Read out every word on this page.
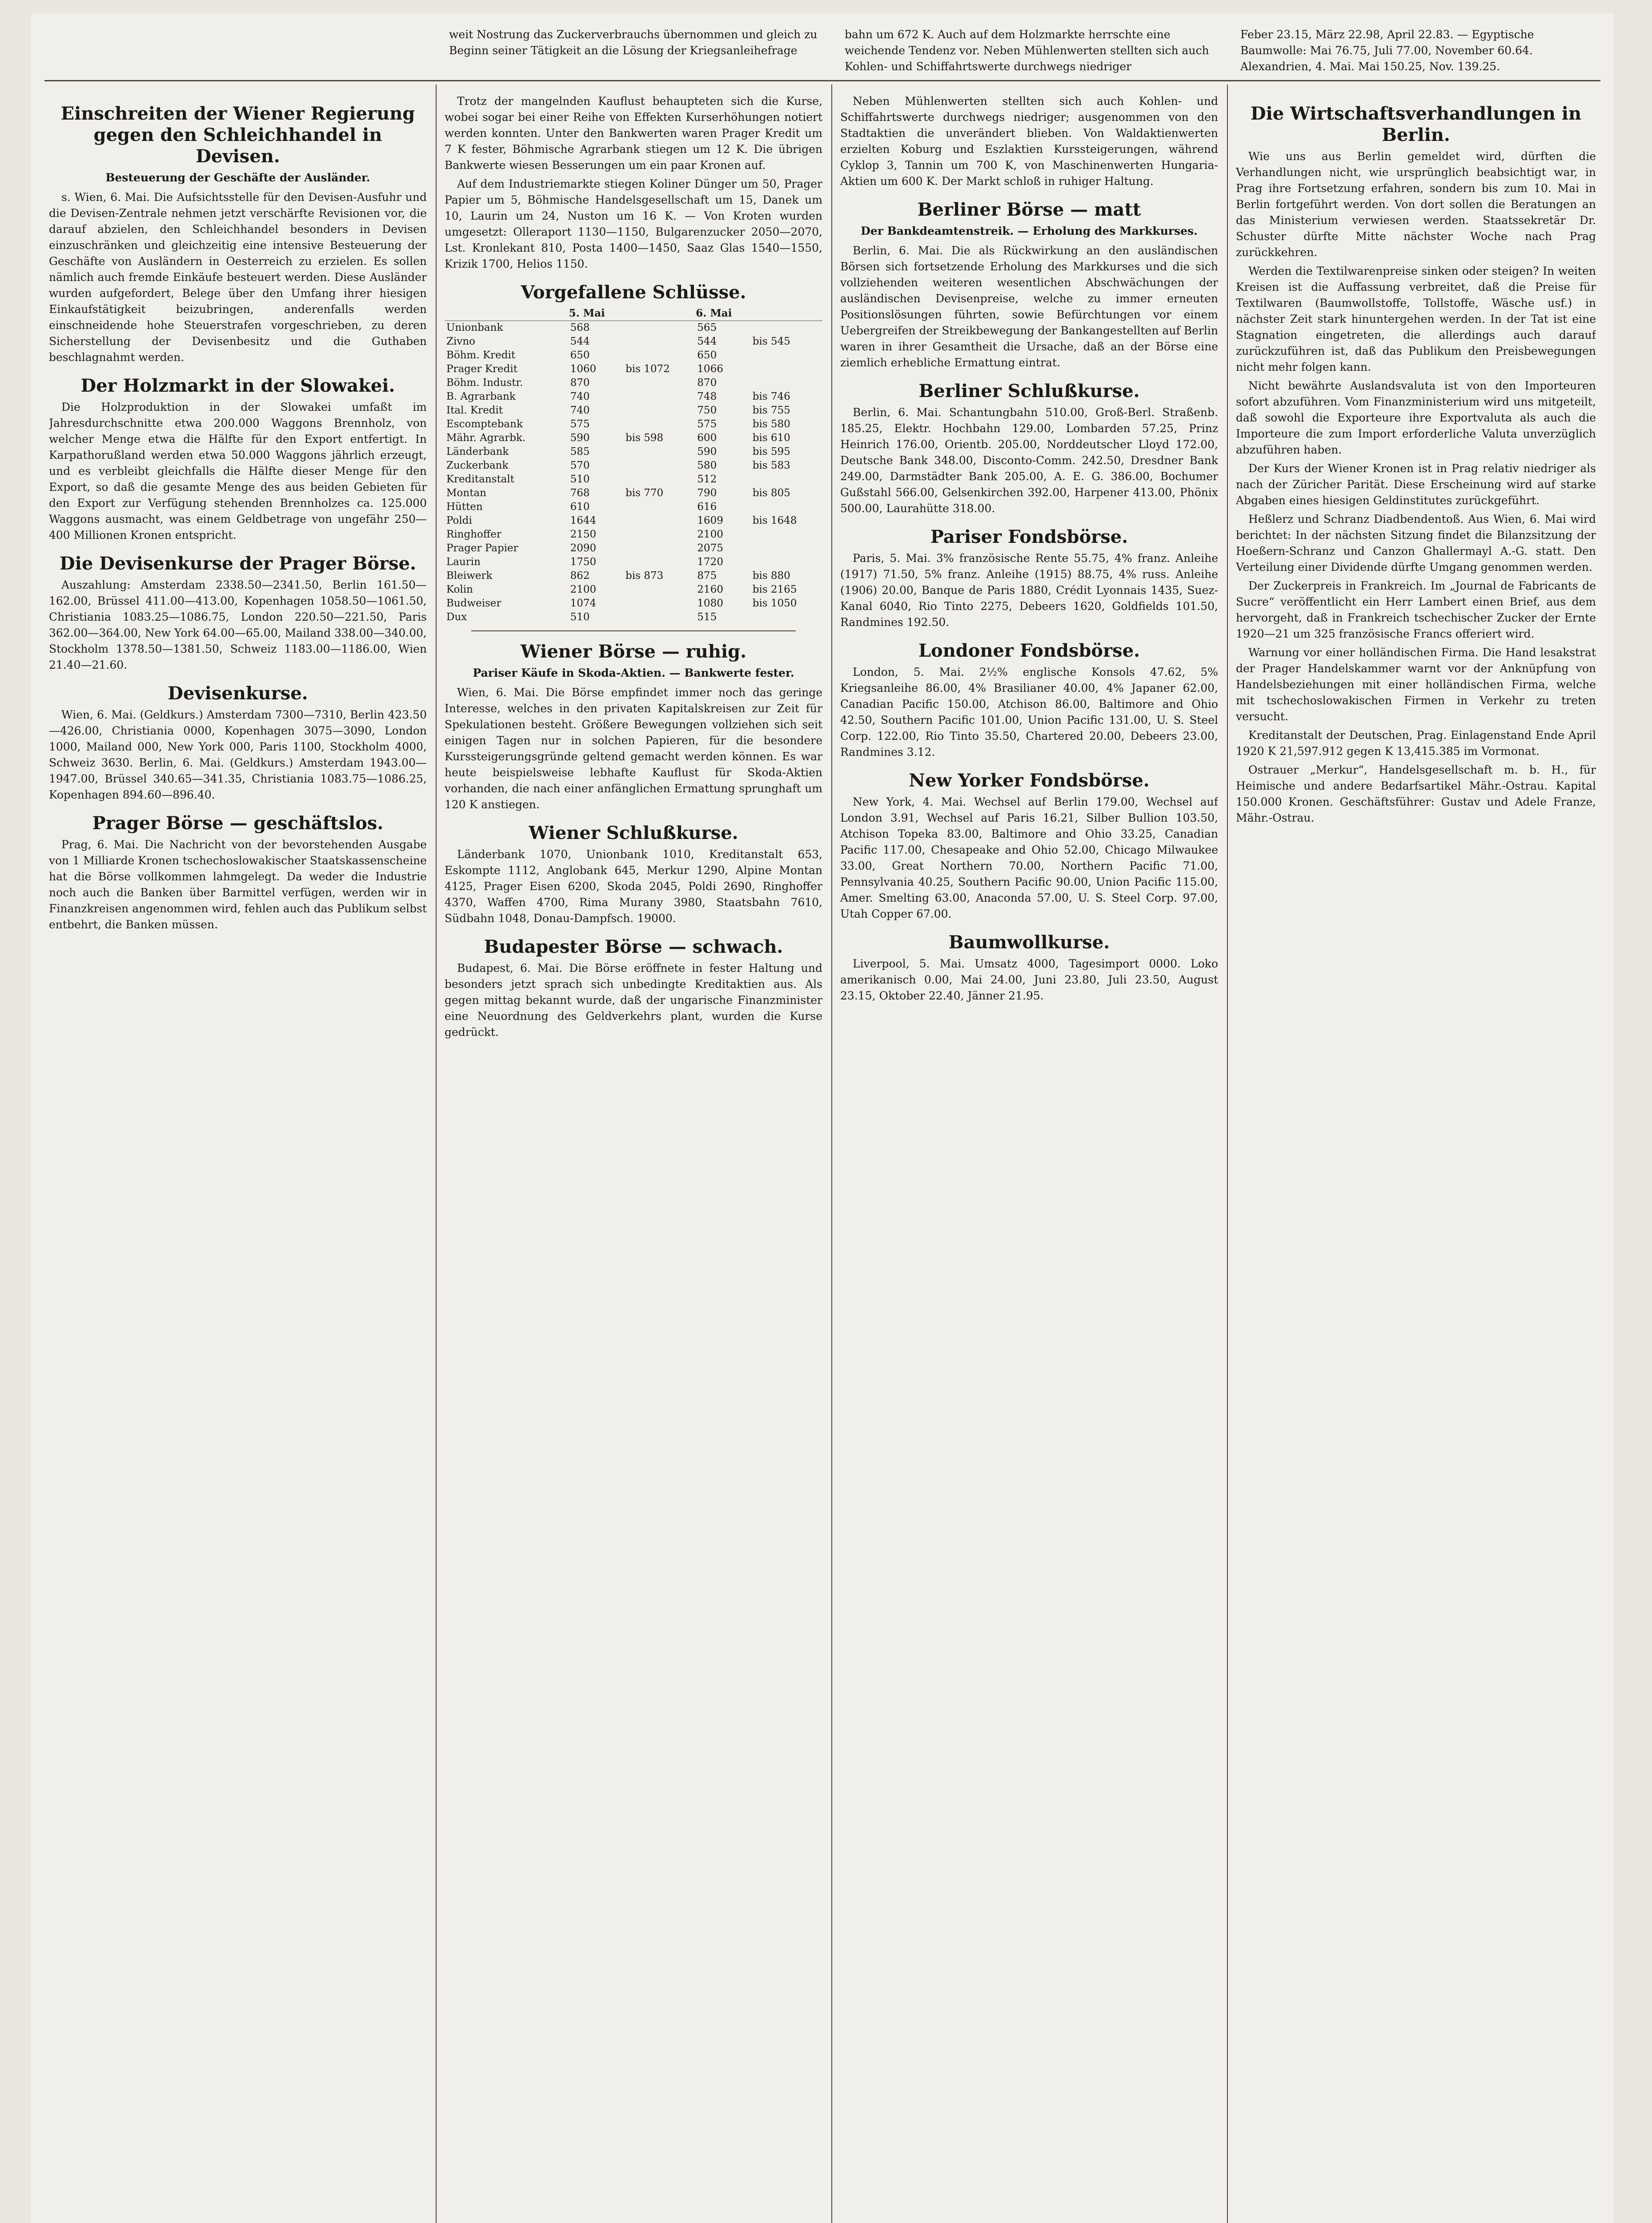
weit Nostrung das Zuckerverbrauchs übernommen und gleich zu Beginn seiner Tätigkeit an die Lösung der Kriegsanleihefrage
bahn um 672 K. Auch auf dem Holzmarkte herrschte eine weichende Tendenz vor. Neben Mühlenwerten stellten sich auch Kohlen- und Schiffahrtswerte durchwegs niedriger
Feber 23.15, März 22.98, April 22.83. — Egyptische Baumwolle: Mai 76.75, Juli 77.00, November 60.64. Alexandrien, 4. Mai. Mai 150.25, Nov. 139.25.
Einschreiten der Wiener Regierung gegen den Schleichhandel in Devisen.
Besteuerung der Geschäfte der Ausländer.

s. Wien, 6. Mai. Die Aufsichtsstelle für den Devisen-Ausfuhr und die Devisen-Zentrale nehmen jetzt verschärfte Revisionen vor, die darauf abzielen, den Schleichhandel besonders in Devisen einzuschränken und gleichzeitig eine intensive Besteuerung der Geschäfte von Ausländern in Oesterreich zu erzielen. Es sollen nämlich auch fremde Einkäufe besteuert werden. Diese Ausländer wurden aufgefordert, Belege über den Umfang ihrer hiesigen Einkaufstätigkeit beizubringen, anderenfalls werden einschneidende hohe Steuerstrafen vorgeschrieben, zu deren Sicherstellung der Devisenbesitz und die Guthaben beschlagnahmt werden.

Der Holzmarkt in der Slowakei.

Die Holzproduktion in der Slowakei umfaßt im Jahresdurchschnitte etwa 200.000 Waggons Brennholz, von welcher Menge etwa die Hälfte für den Export entfertigt. In Karpathorußland werden etwa 50.000 Waggons jährlich erzeugt, und es verbleibt gleichfalls die Hälfte dieser Menge für den Export, so daß die gesamte Menge des aus beiden Gebieten für den Export zur Verfügung stehenden Brennholzes ca. 125.000 Waggons ausmacht, was einem Geldbetrage von ungefähr 250—400 Millionen Kronen entspricht.

Die Devisenkurse der Prager Börse.

Auszahlung: Amsterdam 2338.50—2341.50, Berlin 161.50—162.00, Brüssel 411.00—413.00, Kopenhagen 1058.50—1061.50, Christiania 1083.25—1086.75, London 220.50—221.50, Paris 362.00—364.00, New York 64.00—65.00, Mailand 338.00—340.00, Stockholm 1378.50—1381.50, Schweiz 1183.00—1186.00, Wien 21.40—21.60.

Devisenkurse.

Wien, 6. Mai. (Geldkurs.) Amsterdam 7300—7310, Berlin 423.50—426.00, Christiania 0000, Kopenhagen 3075—3090, London 1000, Mailand 000, New York 000, Paris 1100, Stockholm 4000, Schweiz 3630. Berlin, 6. Mai. (Geldkurs.) Amsterdam 1943.00—1947.00, Brüssel 340.65—341.35, Christiania 1083.75—1086.25, Kopenhagen 894.60—896.40.

Prager Börse — geschäftslos.

Prag, 6. Mai. Die Nachricht von der bevorstehenden Ausgabe von 1 Milliarde Kronen tschechoslowakischer Staatskassenscheine hat die Börse vollkommen lahmgelegt. Da weder die Industrie noch auch die Banken über Barmittel verfügen, werden wir in Finanzkreisen angenommen wird, fehlen auch das Publikum selbst entbehrt, die Banken müssen.

Trotz der mangelnden Kauflust behaupteten sich die Kurse, wobei sogar bei einer Reihe von Effekten Kurserhöhungen notiert werden konnten. Unter den Bankwerten waren Prager Kredit um 7 K fester, Böhmische Agrarbank stiegen um 12 K. Die übrigen Bankwerte wiesen Besserungen um ein paar Kronen auf.

Auf dem Industriemarkte stiegen Koliner Dünger um 50, Prager Papier um 5, Böhmische Handelsgesellschaft um 15, Danek um 10, Laurin um 24, Nuston um 16 K. — Von Kroten wurden umgesetzt: Olleraport 1130—1150, Bulgarenzucker 2050—2070, Lst. Kronlekant 810, Posta 1400—1450, Saaz Glas 1540—1550, Krizik 1700, Helios 1150.

Vorgefallene Schlüsse.
	5. Mai		6. Mai	
Unionbank	568		565	
Zivno	544		544	bis 545
Böhm. Kredit	650		650	
Prager Kredit	1060	bis 1072	1066	
Böhm. Industr.	870		870	
B. Agrarbank	740		748	bis 746
Ital. Kredit	740		750	bis 755
Escomptebank	575		575	bis 580
Mähr. Agrarbk.	590	bis 598	600	bis 610
Länderbank	585		590	bis 595
Zuckerbank	570		580	bis 583
Kreditanstalt	510		512	
Montan	768	bis 770	790	bis 805
Hütten	610		616	
Poldi	1644		1609	bis 1648
Ringhoffer	2150		2100	
Prager Papier	2090		2075	
Laurin	1750		1720	
Bleiwerk	862	bis 873	875	bis 880
Kolin	2100		2160	bis 2165
Budweiser	1074		1080	bis 1050
Dux	510		515	
Wiener Börse — ruhig.
Pariser Käufe in Skoda-Aktien. — Bankwerte fester.

Wien, 6. Mai. Die Börse empfindet immer noch das geringe Interesse, welches in den privaten Kapitalskreisen zur Zeit für Spekulationen besteht. Größere Bewegungen vollziehen sich seit einigen Tagen nur in solchen Papieren, für die besondere Kurssteigerungsgründe geltend gemacht werden können. Es war heute beispielsweise lebhafte Kauflust für Skoda-Aktien vorhanden, die nach einer anfänglichen Ermattung sprunghaft um 120 K anstiegen.

Wiener Schlußkurse.

Länderbank 1070, Unionbank 1010, Kreditanstalt 653, Eskompte 1112, Anglobank 645, Merkur 1290, Alpine Montan 4125, Prager Eisen 6200, Skoda 2045, Poldi 2690, Ringhoffer 4370, Waffen 4700, Rima Murany 3980, Staatsbahn 7610, Südbahn 1048, Donau-Dampfsch. 19000.

Budapester Börse — schwach.

Budapest, 6. Mai. Die Börse eröffnete in fester Haltung und besonders jetzt sprach sich unbedingte Kreditaktien aus. Als gegen mittag bekannt wurde, daß der ungarische Finanzminister eine Neuordnung des Geldverkehrs plant, wurden die Kurse gedrückt.

Neben Mühlenwerten stellten sich auch Kohlen- und Schiffahrtswerte durchwegs niedriger; ausgenommen von den Stadtaktien die unverändert blieben. Von Waldaktienwerten erzielten Koburg und Eszlaktien Kurssteigerungen, während Cyklop 3, Tannin um 700 K, von Maschinenwerten Hungaria-Aktien um 600 K. Der Markt schloß in ruhiger Haltung.

Berliner Börse — matt
Der Bankdeamtenstreik. — Erholung des Markkurses.

Berlin, 6. Mai. Die als Rückwirkung an den ausländischen Börsen sich fortsetzende Erholung des Markkurses und die sich vollziehenden weiteren wesentlichen Abschwächungen der ausländischen Devisenpreise, welche zu immer erneuten Positionslösungen führten, sowie Befürchtungen vor einem Uebergreifen der Streikbewegung der Bankangestellten auf Berlin waren in ihrer Gesamtheit die Ursache, daß an der Börse eine ziemlich erhebliche Ermattung eintrat.

Berliner Schlußkurse.

Berlin, 6. Mai. Schantungbahn 510.00, Groß-Berl. Straßenb. 185.25, Elektr. Hochbahn 129.00, Lombarden 57.25, Prinz Heinrich 176.00, Orientb. 205.00, Norddeutscher Lloyd 172.00, Deutsche Bank 348.00, Disconto-Comm. 242.50, Dresdner Bank 249.00, Darmstädter Bank 205.00, A. E. G. 386.00, Bochumer Gußstahl 566.00, Gelsenkirchen 392.00, Harpener 413.00, Phönix 500.00, Laurahütte 318.00.

Pariser Fondsbörse.

Paris, 5. Mai. 3% französische Rente 55.75, 4% franz. Anleihe (1917) 71.50, 5% franz. Anleihe (1915) 88.75, 4% russ. Anleihe (1906) 20.00, Banque de Paris 1880, Crédit Lyonnais 1435, Suez-Kanal 6040, Rio Tinto 2275, Debeers 1620, Goldfields 101.50, Randmines 192.50.

Londoner Fondsbörse.

London, 5. Mai. 2½% englische Konsols 47.62, 5% Kriegsanleihe 86.00, 4% Brasilianer 40.00, 4% Japaner 62.00, Canadian Pacific 150.00, Atchison 86.00, Baltimore and Ohio 42.50, Southern Pacific 101.00, Union Pacific 131.00, U. S. Steel Corp. 122.00, Rio Tinto 35.50, Chartered 20.00, Debeers 23.00, Randmines 3.12.

New Yorker Fondsbörse.

New York, 4. Mai. Wechsel auf Berlin 179.00, Wechsel auf London 3.91, Wechsel auf Paris 16.21, Silber Bullion 103.50, Atchison Topeka 83.00, Baltimore and Ohio 33.25, Canadian Pacific 117.00, Chesapeake and Ohio 52.00, Chicago Milwaukee 33.00, Great Northern 70.00, Northern Pacific 71.00, Pennsylvania 40.25, Southern Pacific 90.00, Union Pacific 115.00, Amer. Smelting 63.00, Anaconda 57.00, U. S. Steel Corp. 97.00, Utah Copper 67.00.

Baumwollkurse.

Liverpool, 5. Mai. Umsatz 4000, Tagesimport 0000. Loko amerikanisch 0.00, Mai 24.00, Juni 23.80, Juli 23.50, August 23.15, Oktober 22.40, Jänner 21.95.

Die Wirtschaftsverhandlungen in Berlin.

Wie uns aus Berlin gemeldet wird, dürften die Verhandlungen nicht, wie ursprünglich beabsichtigt war, in Prag ihre Fortsetzung erfahren, sondern bis zum 10. Mai in Berlin fortgeführt werden. Von dort sollen die Beratungen an das Ministerium verwiesen werden. Staatssekretär Dr. Schuster dürfte Mitte nächster Woche nach Prag zurückkehren.

Werden die Textilwarenpreise sinken oder steigen? In weiten Kreisen ist die Auffassung verbreitet, daß die Preise für Textilwaren (Baumwollstoffe, Tollstoffe, Wäsche usf.) in nächster Zeit stark hinuntergehen werden. In der Tat ist eine Stagnation eingetreten, die allerdings auch darauf zurückzuführen ist, daß das Publikum den Preisbewegungen nicht mehr folgen kann.

Nicht bewährte Auslandsvaluta ist von den Importeuren sofort abzuführen. Vom Finanzministerium wird uns mitgeteilt, daß sowohl die Exporteure ihre Exportvaluta als auch die Importeure die zum Import erforderliche Valuta unverzüglich abzuführen haben.

Der Kurs der Wiener Kronen ist in Prag relativ niedriger als nach der Züricher Parität. Diese Erscheinung wird auf starke Abgaben eines hiesigen Geldinstitutes zurückgeführt.

Heßlerz und Schranz Diadbendentoß. Aus Wien, 6. Mai wird berichtet: In der nächsten Sitzung findet die Bilanzsitzung der Hoeßern-Schranz und Canzon Ghallermayl A.-G. statt. Den Verteilung einer Dividende dürfte Umgang genommen werden.

Der Zuckerpreis in Frankreich. Im „Journal de Fabricants de Sucre“ veröffentlicht ein Herr Lambert einen Brief, aus dem hervorgeht, daß in Frankreich tschechischer Zucker der Ernte 1920—21 um 325 französische Francs offeriert wird.

Warnung vor einer holländischen Firma. Die Hand lesakstrat der Prager Handelskammer warnt vor der Anknüpfung von Handelsbeziehungen mit einer holländischen Firma, welche mit tschechoslowakischen Firmen in Verkehr zu treten versucht.

Kreditanstalt der Deutschen, Prag. Einlagenstand Ende April 1920 K 21,597.912 gegen K 13,415.385 im Vormonat.

Ostrauer „Merkur“, Handelsgesellschaft m. b. H., für Heimische und andere Bedarfsartikel Mähr.-Ostrau. Kapital 150.000 Kronen. Geschäftsführer: Gustav und Adele Franze, Mähr.-Ostrau.
